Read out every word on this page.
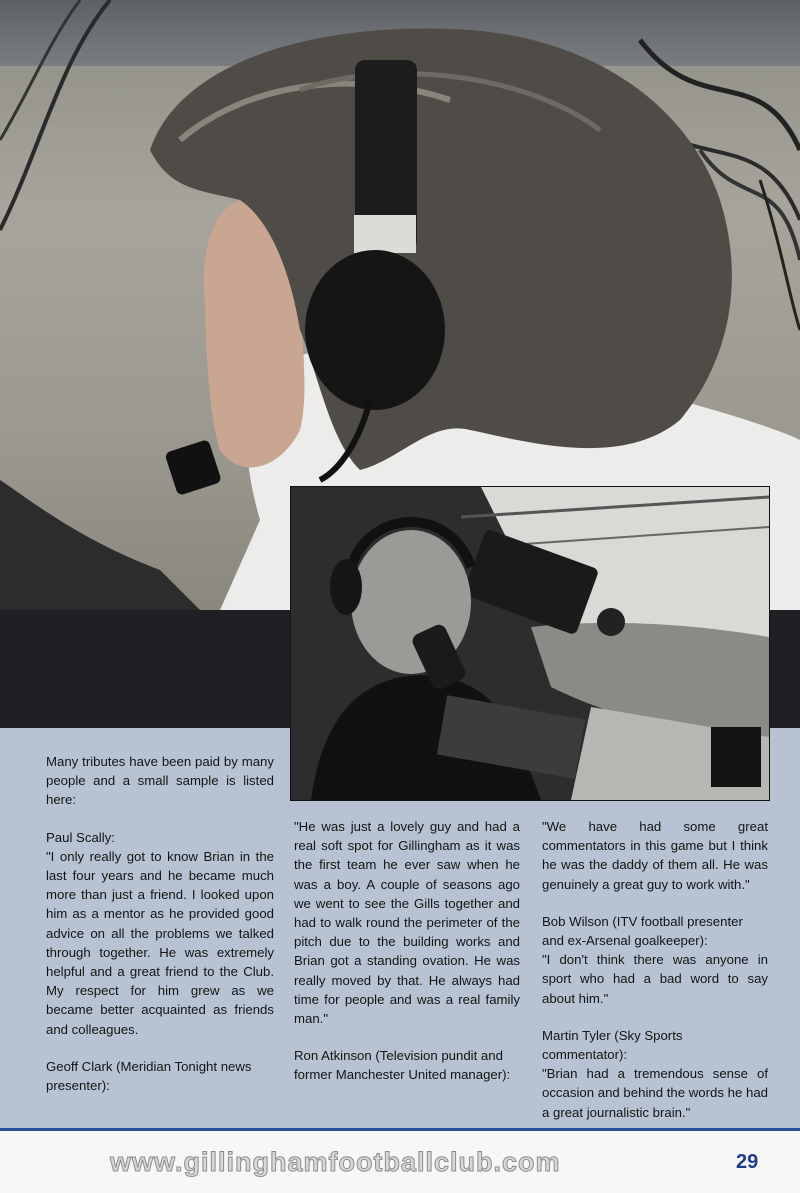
Many tributes have been paid by many people and a small sample is listed here:

Paul Scally:

"I only really got to know Brian in the last four years and he became much more than just a friend. I looked upon him as a mentor as he provided good advice on all the problems we talked through together. He was extremely helpful and a great friend to the Club. My respect for him grew as we became better acquainted as friends and colleagues.

Geoff Clark (Meridian Tonight news presenter):

"He was just a lovely guy and had a real soft spot for Gillingham as it was the first team he ever saw when he was a boy. A couple of seasons ago we went to see the Gills together and had to walk round the perimeter of the pitch due to the building works and Brian got a standing ovation. He was really moved by that. He always had time for people and was a real family man."

Ron Atkinson (Television pundit and former Manchester United manager):

"We have had some great commentators in this game but I think he was the daddy of them all. He was genuinely a great guy to work with."

Bob Wilson (ITV football presenter and ex-Arsenal goalkeeper):

"I don't think there was anyone in sport who had a bad word to say about him."

Martin Tyler (Sky Sports commentator):

"Brian had a tremendous sense of occasion and behind the words he had a great journalistic brain."

www.gillinghamfootballclub.com	29
